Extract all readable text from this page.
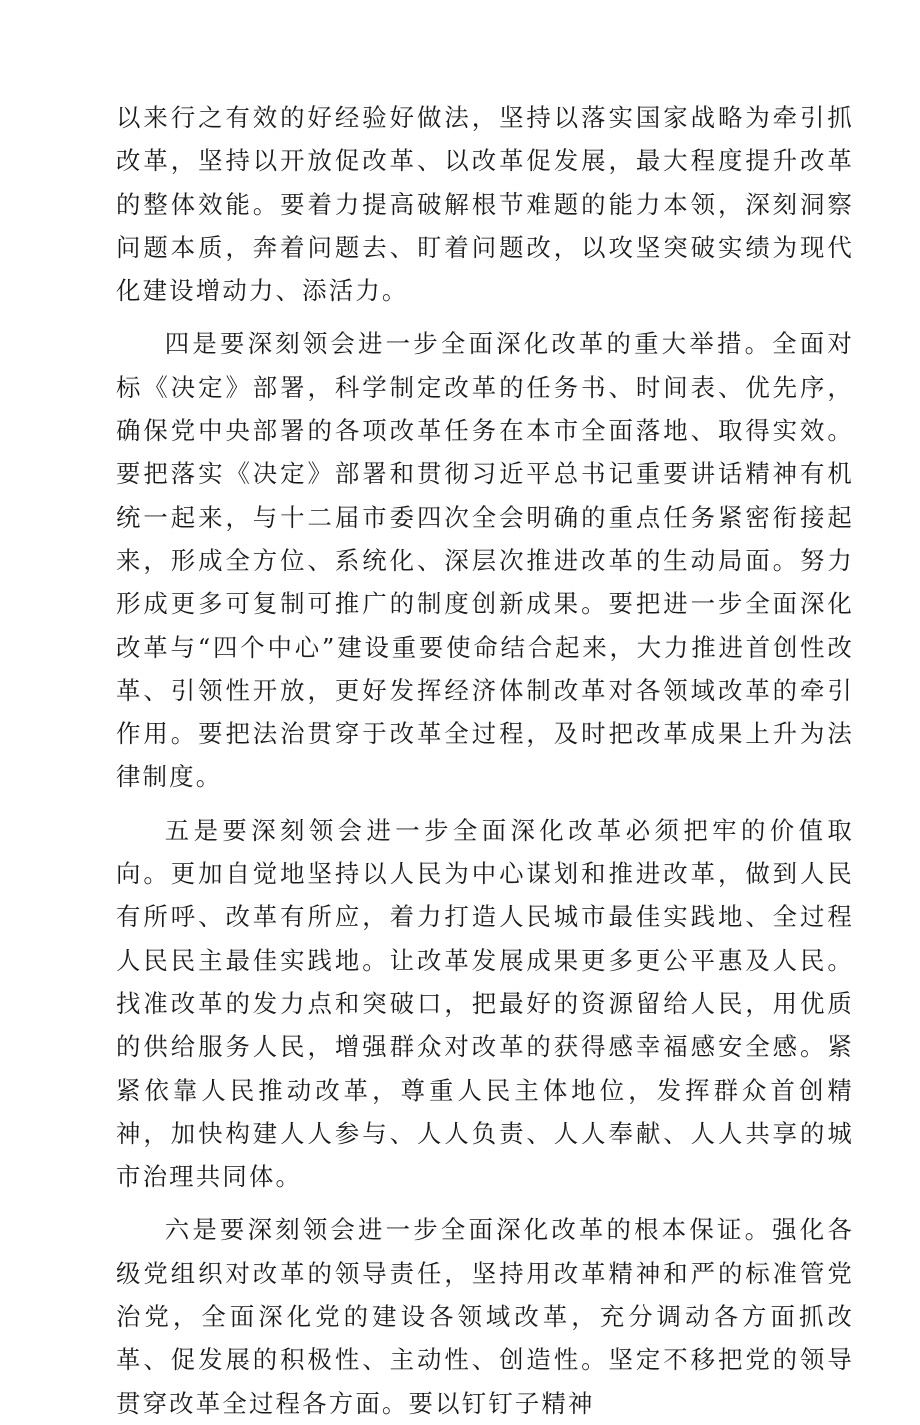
以来行之有效的好经验好做法，坚持以落实国家战略为牵引抓改革，坚持以开放促改革、以改革促发展，最大程度提升改革的整体效能。要着力提高破解根节难题的能力本领，深刻洞察问题本质，奔着问题去、盯着问题改，以攻坚突破实绩为现代化建设增动力、添活力。

四是要深刻领会进一步全面深化改革的重大举措。全面对标《决定》部署，科学制定改革的任务书、时间表、优先序，确保党中央部署的各项改革任务在本市全面落地、取得实效。要把落实《决定》部署和贯彻习近平总书记重要讲话精神有机统一起来，与十二届市委四次全会明确的重点任务紧密衔接起来，形成全方位、系统化、深层次推进改革的生动局面。努力形成更多可复制可推广的制度创新成果。要把进一步全面深化改革与“四个中心”建设重要使命结合起来，大力推进首创性改革、引领性开放，更好发挥经济体制改革对各领域改革的牵引作用。要把法治贯穿于改革全过程，及时把改革成果上升为法律制度。

五是要深刻领会进一步全面深化改革必须把牢的价值取向。更加自觉地坚持以人民为中心谋划和推进改革，做到人民有所呼、改革有所应，着力打造人民城市最佳实践地、全过程人民民主最佳实践地。让改革发展成果更多更公平惠及人民。找准改革的发力点和突破口，把最好的资源留给人民，用优质的供给服务人民，增强群众对改革的获得感幸福感安全感。紧紧依靠人民推动改革，尊重人民主体地位，发挥群众首创精神，加快构建人人参与、人人负责、人人奉献、人人共享的城市治理共同体。

六是要深刻领会进一步全面深化改革的根本保证。强化各级党组织对改革的领导责任，坚持用改革精神和严的标准管党治党，全面深化党的建设各领域改革，充分调动各方面抓改革、促发展的积极性、主动性、创造性。坚定不移把党的领导贯穿改革全过程各方面。要以钉钉子精神
